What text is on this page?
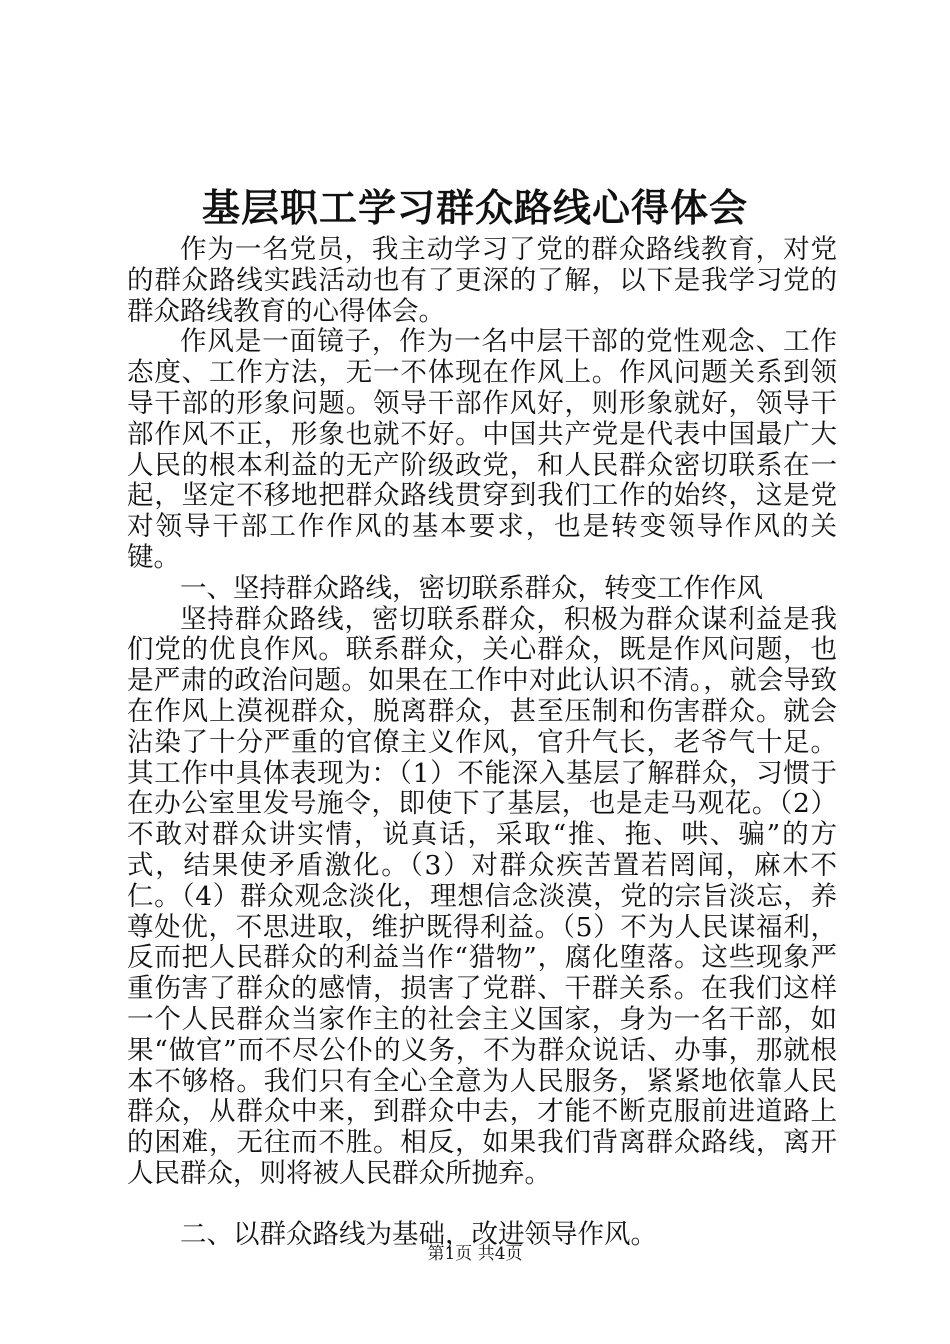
基层职工学习群众路线心得体会

作为一名党员，我主动学习了党的群众路线教育，对党的群众路线实践活动也有了更深的了解，以下是我学习党的群众路线教育的心得体会。

作风是一面镜子，作为一名中层干部的党性观念、工作态度、工作方法，无一不体现在作风上。作风问题关系到领导干部的形象问题。领导干部作风好，则形象就好，领导干部作风不正，形象也就不好。中国共产党是代表中国最广大人民的根本利益的无产阶级政党，和人民群众密切联系在一起，坚定不移地把群众路线贯穿到我们工作的始终，这是党对领导干部工作作风的基本要求，也是转变领导作风的关键。

一、坚持群众路线，密切联系群众，转变工作作风

坚持群众路线，密切联系群众，积极为群众谋利益是我们党的优良作风。联系群众，关心群众，既是作风问题，也是严肃的政治问题。如果在工作中对此认识不清。，就会导致在作风上漠视群众，脱离群众，甚至压制和伤害群众。就会沾染了十分严重的官僚主义作风，官升气长，老爷气十足。其工作中具体表现为：（1）不能深入基层了解群众，习惯于在办公室里发号施令，即使下了基层，也是走马观花。（2）不敢对群众讲实情，说真话，采取“推、拖、哄、骗”的方式，结果使矛盾激化。（3）对群众疾苦置若罔闻，麻木不仁。（4）群众观念淡化，理想信念淡漠，党的宗旨淡忘，养尊处优，不思进取，维护既得利益。（5）不为人民谋福利，反而把人民群众的利益当作“猎物”，腐化堕落。这些现象严重伤害了群众的感情，损害了党群、干群关系。在我们这样一个人民群众当家作主的社会主义国家，身为一名干部，如果“做官”而不尽公仆的义务，不为群众说话、办事，那就根本不够格。我们只有全心全意为人民服务，紧紧地依靠人民群众，从群众中来，到群众中去，才能不断克服前进道路上的困难，无往而不胜。相反，如果我们背离群众路线，离开人民群众，则将被人民群众所抛弃。

二、以群众路线为基础，改进领导作风。

第1页 共4页
